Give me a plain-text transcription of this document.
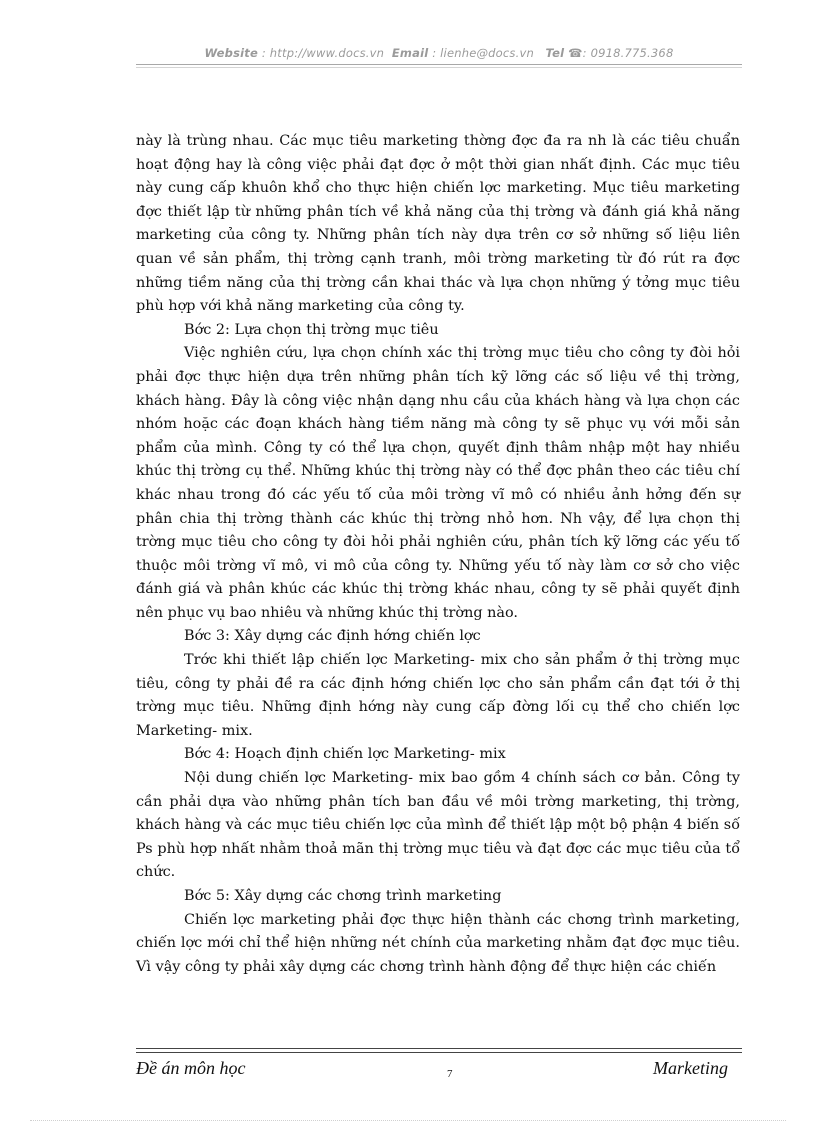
Website : http://www.docs.vn Email : lienhe@docs.vn Tel ☎: 0918.775.368

này là trùng nhau. Các mục tiêu marketing thờng đợc đa ra nh là các tiêu chuẩn hoạt động hay là công việc phải đạt đợc ở một thời gian nhất định. Các mục tiêu này cung cấp khuôn khổ cho thực hiện chiến lợc marketing. Mục tiêu marketing đợc thiết lập từ những phân tích về khả năng của thị trờng và đánh giá khả năng marketing của công ty. Những phân tích này dựa trên cơ sở những số liệu liên quan về sản phẩm, thị trờng cạnh tranh, môi trờng marketing từ đó rút ra đợc những tiềm năng của thị trờng cần khai thác và lựa chọn những ý tởng mục tiêu phù hợp với khả năng marketing của công ty.

Bớc 2: Lựa chọn thị trờng mục tiêu

Việc nghiên cứu, lựa chọn chính xác thị trờng mục tiêu cho công ty đòi hỏi phải đợc thực hiện dựa trên những phân tích kỹ lỡng các số liệu về thị trờng, khách hàng. Đây là công việc nhận dạng nhu cầu của khách hàng và lựa chọn các nhóm hoặc các đoạn khách hàng tiềm năng mà công ty sẽ phục vụ với mỗi sản phẩm của mình. Công ty có thể lựa chọn, quyết định thâm nhập một hay nhiều khúc thị trờng cụ thể. Những khúc thị trờng này có thể đợc phân theo các tiêu chí khác nhau trong đó các yếu tố của môi trờng vĩ mô có nhiều ảnh hởng đến sự phân chia thị trờng thành các khúc thị trờng nhỏ hơn. Nh vậy, để lựa chọn thị trờng mục tiêu cho công ty đòi hỏi phải nghiên cứu, phân tích kỹ lỡng các yếu tố thuộc môi trờng vĩ mô, vi mô của công ty. Những yếu tố này làm cơ sở cho việc đánh giá và phân khúc các khúc thị trờng khác nhau, công ty sẽ phải quyết định nên phục vụ bao nhiêu và những khúc thị trờng nào.

Bớc 3: Xây dựng các định hớng chiến lợc

Trớc khi thiết lập chiến lợc Marketing- mix cho sản phẩm ở thị trờng mục tiêu, công ty phải đề ra các định hớng chiến lợc cho sản phẩm cần đạt tới ở thị trờng mục tiêu. Những định hớng này cung cấp đờng lối cụ thể cho chiến lợc Marketing- mix.

Bớc 4: Hoạch định chiến lợc Marketing- mix

Nội dung chiến lợc Marketing- mix bao gồm 4 chính sách cơ bản. Công ty cần phải dựa vào những phân tích ban đầu về môi trờng marketing, thị trờng, khách hàng và các mục tiêu chiến lợc của mình để thiết lập một bộ phận 4 biến số Ps phù hợp nhất nhằm thoả mãn thị trờng mục tiêu và đạt đợc các mục tiêu của tổ chức.

Bớc 5: Xây dựng các chơng trình marketing

Chiến lợc marketing phải đợc thực hiện thành các chơng trình marketing, chiến lợc mới chỉ thể hiện những nét chính của marketing nhằm đạt đợc mục tiêu. Vì vậy công ty phải xây dựng các chơng trình hành động để thực hiện các chiến

Đề án môn học	7	Marketing
